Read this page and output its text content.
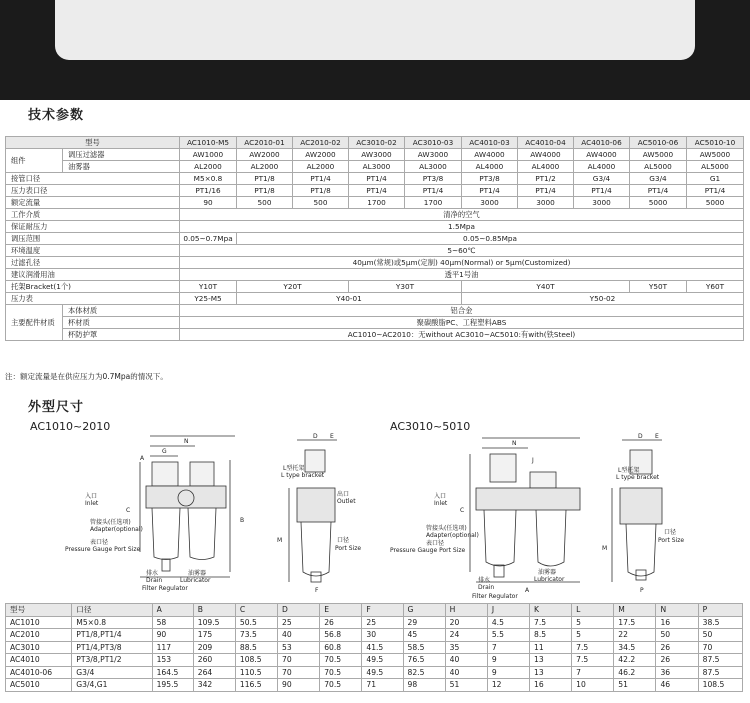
技术参数
型号		AC1010-M5	AC2010-01	AC2010-02	AC3010-02	AC3010-03	AC4010-03	AC4010-04	AC4010-06	AC5010-06	AC5010-10
组件	调压过滤器	AW1000	AW2000	AW2000	AW3000	AW3000	AW4000	AW4000	AW4000	AW5000	AW5000
	油雾器	AL2000	AL2000	AL2000	AL3000	AL3000	AL4000	AL4000	AL4000	AL5000	AL5000
接管口径		M5×0.8	PT1/8	PT1/4	PT1/4	PT3/8	PT3/8	PT1/2	G3/4	G3/4	G1
压力表口径		PT1/16	PT1/8	PT1/8	PT1/4	PT1/4	PT1/4	PT1/4	PT1/4	PT1/4	PT1/4
额定流量		90	500	500	1700	1700	3000	3000	3000	5000	5000
工作介质		清净的空气									
保证耐压力		1.5Mpa									
调压范围		0.05~0.7Mpa	0.05~0.85Mpa								
环境温度		5~60℃									
过滤孔径		40μm(常规)或5μm(定制) 40μm(Normal) or 5μm(Customized)									
建议润滑用油		透平1号油									
托架Bracket(1个)		Y10T	Y20T		Y30T		Y40T			Y50T	Y60T
压力表		Y25-M5	Y40-01				Y50-02				
主要配件材质	本体材质	铝合金									
	杯材质	聚碳酸脂PC、工程塑料ABS									
	杯防护罩	AC1010~AC2010：无without AC3010~AC5010:有with(铁Steel)									
注：额定流量是在供应压力为0.7Mpa的情况下。
外型尺寸
AC1010~2010	AC3010~5010
N
G
A
C
B
入口
Inlet
管接头(任选项)
Adapter(optional)
表口径
Pressure Gauge Port Size
排水
Drain
油雾器
Lubricator
Filter Regulator
D E
M
L型托架
L type bracket
出口
Outlet
口径
Port Size
F
N
J
C
A
入口
Inlet
管接头(任选项)
Adapter(optional)
表口径
Pressure Gauge Port Size
排水
Drain
油雾器
Lubricator
Filter Regulator
D E
M
L型托架
L type bracket
口径
Port Size
P
型号	口径	A	B	C	D	E	F	G	H	J	K	L	M	N	P
AC1010	M5×0.8	58	109.5	50.5	25	26	25	29	20	4.5	7.5	5	17.5	16	38.5
AC2010	PT1/8,PT1/4	90	175	73.5	40	56.8	30	45	24	5.5	8.5	5	22	50	50
AC3010	PT1/4,PT3/8	117	209	88.5	53	60.8	41.5	58.5	35	7	11	7.5	34.5	26	70
AC4010	PT3/8,PT1/2	153	260	108.5	70	70.5	49.5	76.5	40	9	13	7.5	42.2	26	87.5
AC4010-06	G3/4	164.5	264	110.5	70	70.5	49.5	82.5	40	9	13	7	46.2	36	87.5
AC5010	G3/4,G1	195.5	342	116.5	90	70.5	71	98	51	12	16	10	51	46	108.5
